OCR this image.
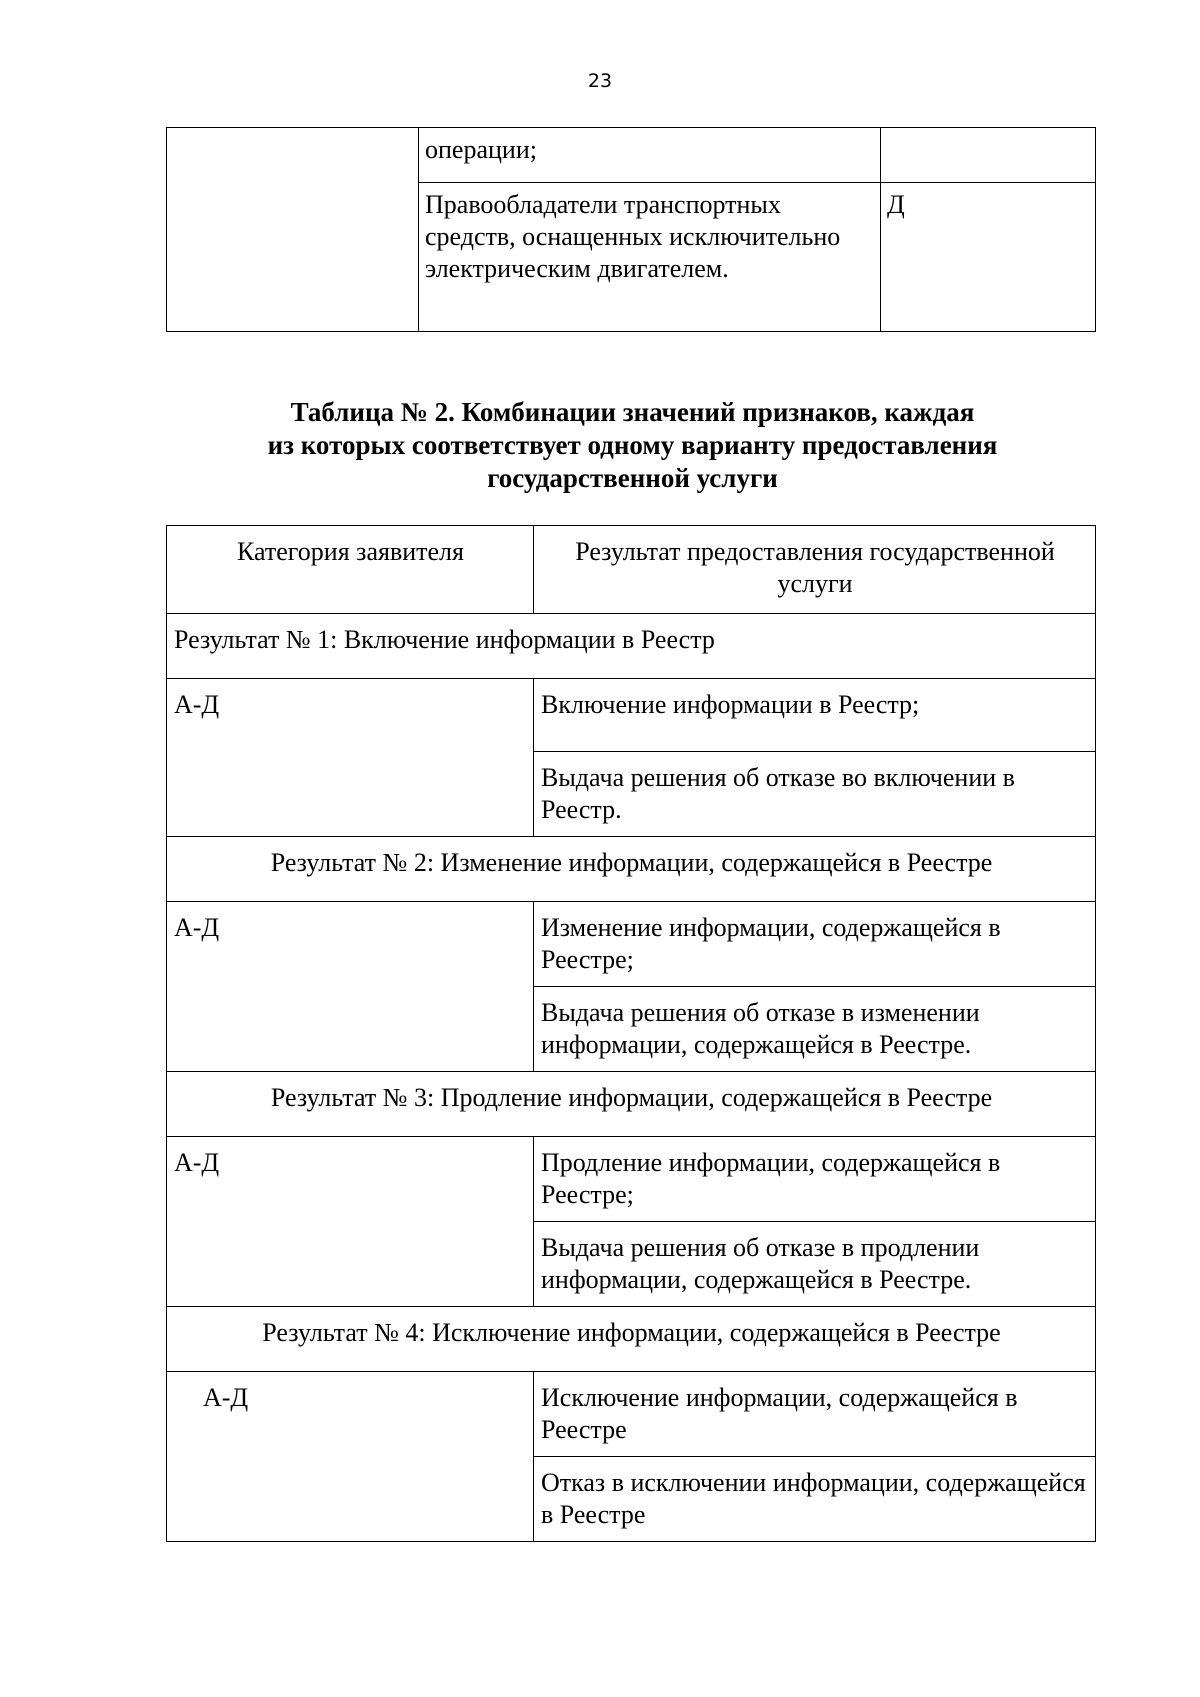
23
	операции;	
	Правообладатели транспортных средств, оснащенных исключительно электрическим двигателем.	Д
Таблица № 2. Комбинации значений признаков, каждая
из которых соответствует одному варианту предоставления
государственной услуги
Категория заявителя	Результат предоставления государственной услуги
Результат № 1: Включение информации в Реестр	
А-Д	Включение информации в Реестр;
	Выдача решения об отказе во включении в Реестр.
Результат № 2: Изменение информации, содержащейся в Реестре	
А-Д	Изменение информации, содержащейся в Реестре;
	Выдача решения об отказе в изменении информации, содержащейся в Реестре.
Результат № 3: Продление информации, содержащейся в Реестре	
А-Д	Продление информации, содержащейся в Реестре;
	Выдача решения об отказе в продлении информации, содержащейся в Реестре.
Результат № 4: Исключение информации, содержащейся в Реестре	
А-Д	Исключение информации, содержащейся в Реестре
	Отказ в исключении информации, содержащейся в Реестре
